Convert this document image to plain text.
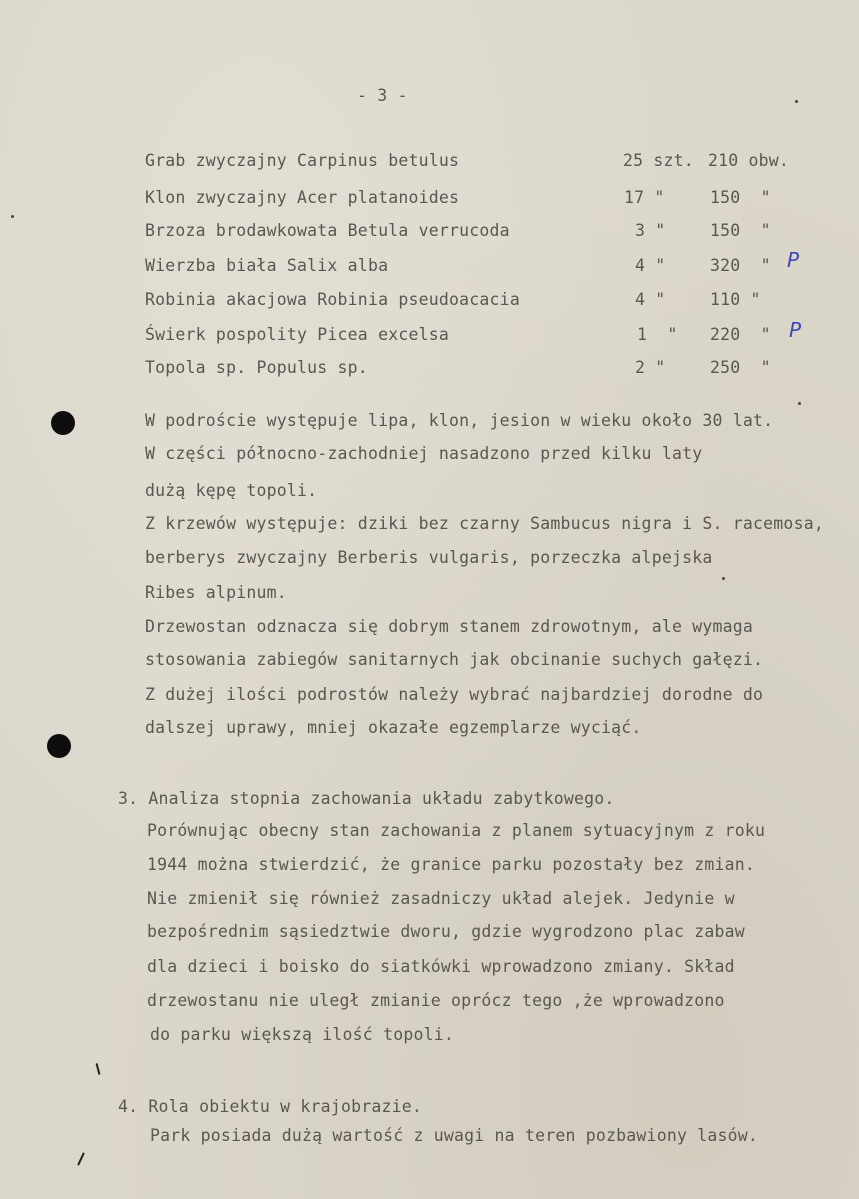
- 3 -
Grab zwyczajny Carpinus betulus	25 szt. 210 obw.
Klon zwyczajny Acer platanoides	17 "	150  "
Brzoza brodawkowata Betula verrucoda	3 "	150  "
Wierzba biała Salix alba	4 "	320  " P
Robinia akacjowa Robinia pseudoacacia	4 "	110 "
Świerk pospolity Picea excelsa	1  " 220  " P
Topola sp. Populus sp.	2 "	250  "
W podroście występuje lipa, klon, jesion w wieku około 30 lat.
W części północno-zachodniej nasadzono przed kilku laty
dużą kępę topoli.
Z krzewów występuje: dziki bez czarny Sambucus nigra i S. racemosa,
berberys zwyczajny Berberis vulgaris, porzeczka alpejska
Ribes alpinum.
Drzewostan odznacza się dobrym stanem zdrowotnym, ale wymaga
stosowania zabiegów sanitarnych jak obcinanie suchych gałęzi.
Z dużej ilości podrostów należy wybrać najbardziej dorodne do
dalszej uprawy, mniej okazałe egzemplarze wyciąć.
3. Analiza stopnia zachowania układu zabytkowego.
Porównując obecny stan zachowania z planem sytuacyjnym z roku
1944 można stwierdzić, że granice parku pozostały bez zmian.
Nie zmienił się również zasadniczy układ alejek. Jedynie w
bezpośrednim sąsiedztwie dworu, gdzie wygrodzono plac zabaw
dla dzieci i boisko do siatkówki wprowadzono zmiany. Skład
drzewostanu nie uległ zmianie oprócz tego ,że wprowadzono
do parku większą ilość topoli.
4. Rola obiektu w krajobrazie.
Park posiada dużą wartość z uwagi na teren pozbawiony lasów.
